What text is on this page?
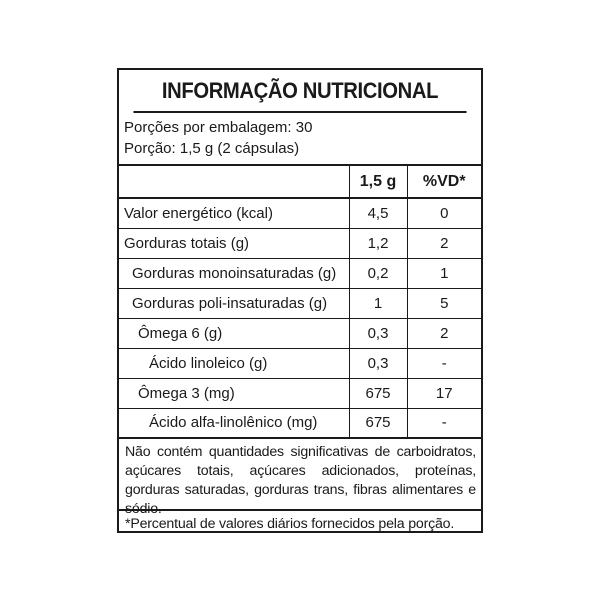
INFORMAÇÃO NUTRICIONAL
Porções por embalagem: 30
Porção: 1,5 g (2 cápsulas)
	1,5 g	%VD*
Valor energético (kcal)	4,5	0
Gorduras totais (g)	1,2	2
Gorduras monoinsaturadas (g)	0,2	1
Gorduras poli-insaturadas (g)	1	5
Ômega 6 (g)	0,3	2
Ácido linoleico (g)	0,3	-
Ômega 3 (mg)	675	17
Ácido alfa-linolênico (mg)	675	-
Não contém quantidades significativas de carboidratos, açúcares totais, açúcares adicionados, proteínas, gorduras saturadas, gorduras trans, fibras alimentares e sódio.
*Percentual de valores diários fornecidos pela porção.
